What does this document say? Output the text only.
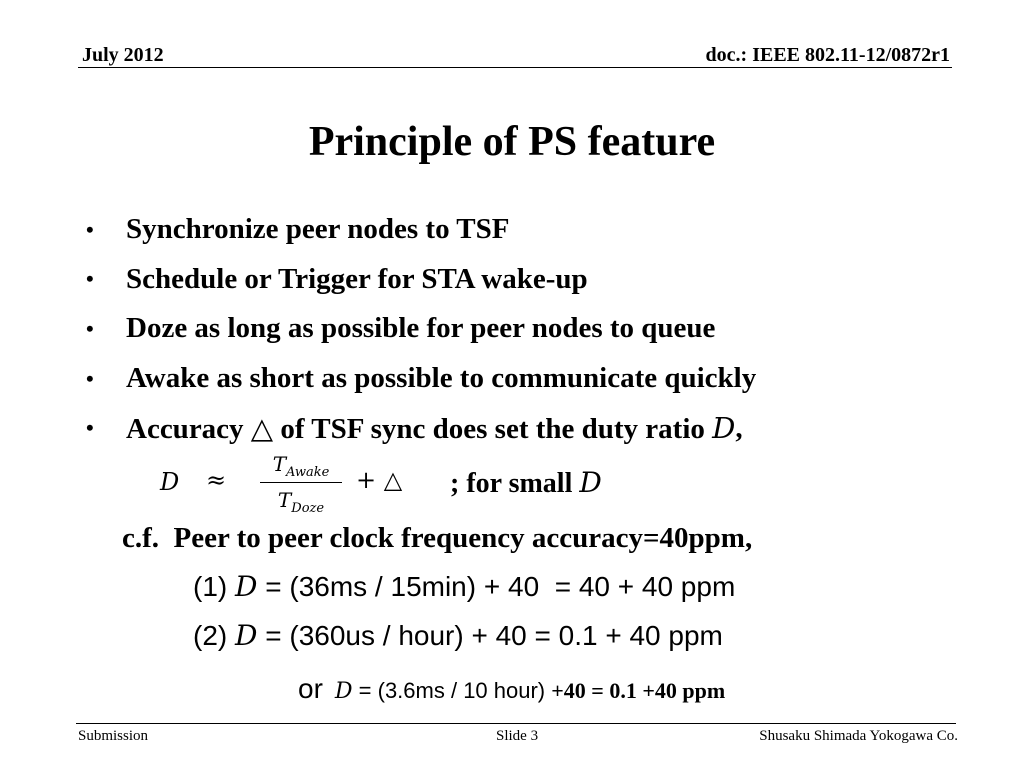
July 2012	doc.: IEEE 802.11-12/0872r1
Principle of PS feature
•	Synchronize peer nodes to TSF
•	Schedule or Trigger for STA wake-up
•	Doze as long as possible for peer nodes to queue
•	Awake as short as possible to communicate quickly
•	Accuracy △ of TSF sync does set the duty ratio D ,
D ≈
$T_{Awake}$
$T_{Doze}$
+ △ ; for small D
c.f.  Peer to peer clock frequency accuracy=40ppm,
(1) D = (36ms / 15min) + 40  = 40 + 40 ppm
(2) D = (360us / hour) + 40 = 0.1 + 40 ppm
or D = (3.6ms / 10 hour) +40 = 0.1 +40 ppm
Submission	Slide 3	Shusaku Shimada Yokogawa Co.
